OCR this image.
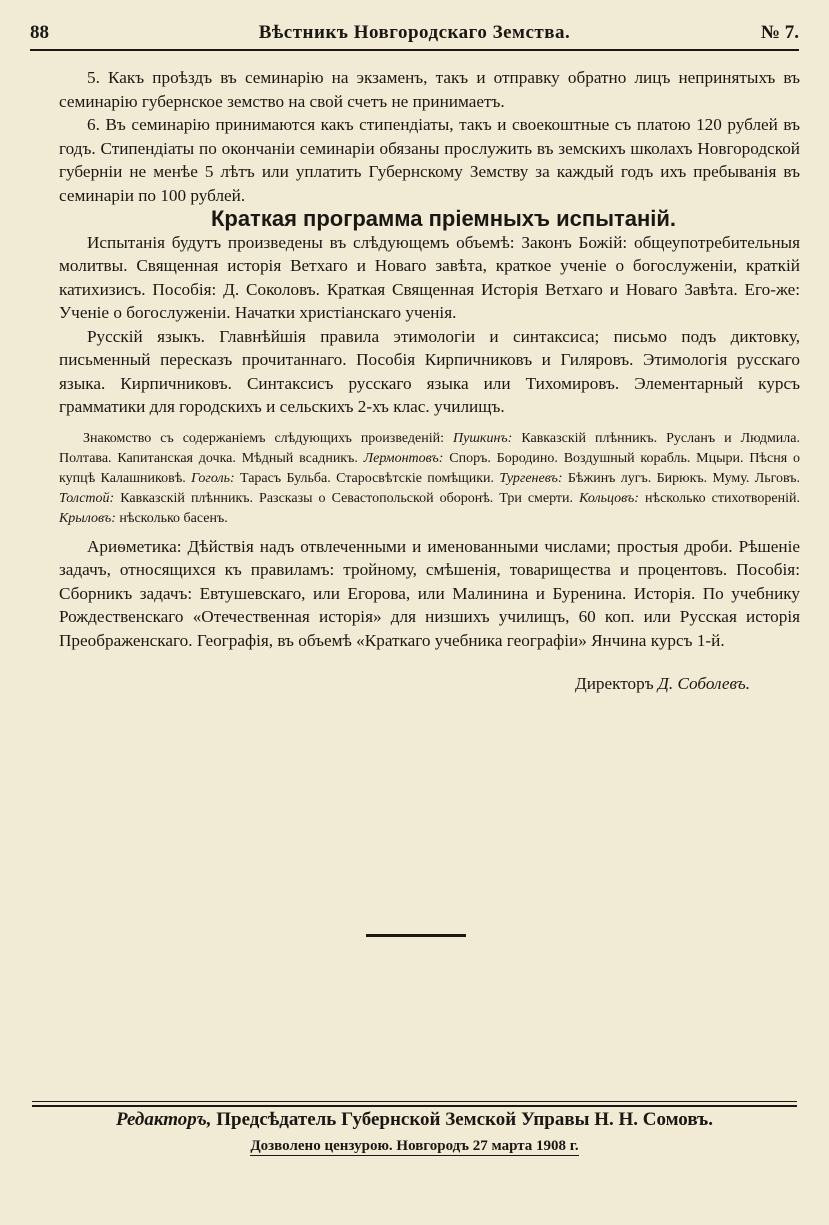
88	Вѣстникъ Новгородскаго Земства.	№ 7.

5. Какъ проѣздъ въ семинарію на экзаменъ, такъ и отправку обратно лицъ непринятыхъ въ семинарію губернское земство на свой счетъ не принимаетъ.

6. Въ семинарію принимаются какъ стипендіаты, такъ и своекоштные съ платою 120 рублей въ годъ. Стипендіаты по окончаніи семинаріи обязаны прослужить въ земскихъ школахъ Новгородской губерніи не менѣе 5 лѣтъ или уплатить Губернскому Земству за каждый годъ ихъ пребыванія въ семинаріи по 100 рублей.

Краткая программа пріемныхъ испытаній.

Испытанія будутъ произведены въ слѣдующемъ объемѣ: Законъ Божій: общеупотребительныя молитвы. Священная исторія Ветхаго и Новаго завѣта, краткое ученіе о богослуженіи, краткій катихизисъ. Пособія: Д. Соколовъ. Краткая Священная Исторія Ветхаго и Новаго Завѣта. Его-же: Ученіе о богослуженіи. Начатки христіанскаго ученія.

Русскій языкъ. Главнѣйшія правила этимологіи и синтаксиса; письмо подъ диктовку, письменный пересказъ прочитаннаго. Пособія Кирпичниковъ и Гиляровъ. Этимологія русскаго языка. Кирпичниковъ. Синтаксисъ русскаго языка или Тихомировъ. Элементарный курсъ грамматики для городскихъ и сельскихъ 2-хъ клас. училищъ.

Знакомство съ содержаніемъ слѣдующихъ произведеній: Пушкинъ: Кавказскій плѣнникъ. Русланъ и Людмила. Полтава. Капитанская дочка. Мѣдный всадникъ. Лермонтовъ: Споръ. Бородино. Воздушный корабль. Мцыри. Пѣсня о купцѣ Калашниковѣ. Гоголь: Тарасъ Бульба. Старосвѣтскіе помѣщики. Тургеневъ: Бѣжинъ лугъ. Бирюкъ. Муму. Льговъ. Толстой: Кавказскій плѣнникъ. Разсказы о Севастопольской оборонѣ. Три смерти. Кольцовъ: нѣсколько стихотвореній. Крыловъ: нѣсколько басенъ.

Ариѳметика: Дѣйствія надъ отвлеченными и именованными числами; простыя дроби. Рѣшеніе задачъ, относящихся къ правиламъ: тройному, смѣшенія, товарищества и процентовъ. Пособія: Сборникъ задачъ: Евтушевскаго, или Егорова, или Малинина и Буренина. Исторія. По учебнику Рождественскаго «Отечественная исторія» для низшихъ училищъ, 60 коп. или Русская исторія Преображенскаго. Географія, въ объемѣ «Краткаго учебника географіи» Янчина курсъ 1-й.

Директоръ Д. Соболевъ.
Редакторъ, Предсѣдатель Губернской Земской Управы Н. Н. Сомовъ.
Дозволено цензурою. Новгородъ 27 марта 1908 г.
